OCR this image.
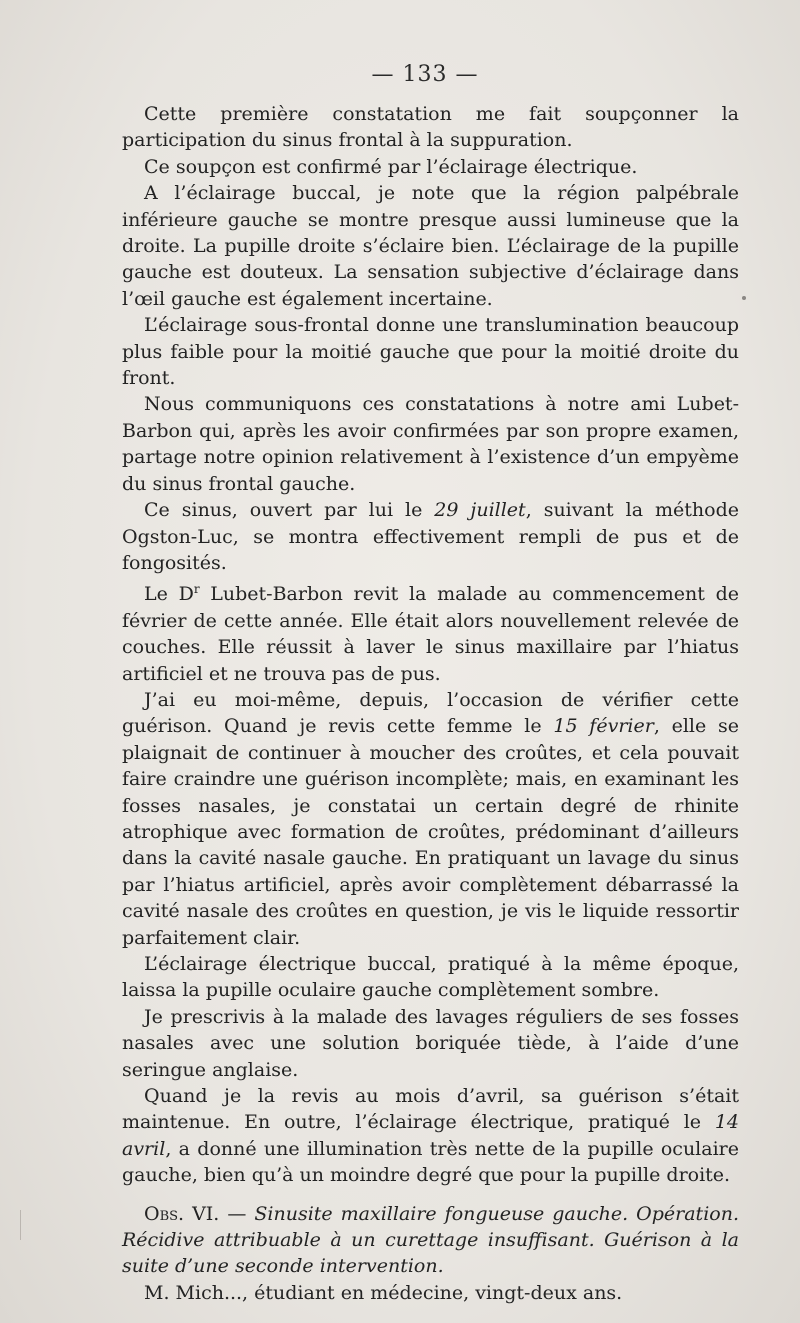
— 133 —

Cette première constatation me fait soupçonner la participation du sinus frontal à la suppuration.

Ce soupçon est confirmé par l’éclairage électrique.

A l’éclairage buccal, je note que la région palpébrale inférieure gauche se montre presque aussi lumineuse que la droite. La pupille droite s’éclaire bien. L’éclairage de la pupille gauche est douteux. La sensation subjective d’éclairage dans l’œil gauche est également incertaine.

L’éclairage sous-frontal donne une translumination beaucoup plus faible pour la moitié gauche que pour la moitié droite du front.

Nous communiquons ces constatations à notre ami Lubet-Barbon qui, après les avoir confirmées par son propre examen, partage notre opinion relativement à l’existence d’un empyème du sinus frontal gauche.

Ce sinus, ouvert par lui le 29 juillet, suivant la méthode Ogston-Luc, se montra effectivement rempli de pus et de fongosités.

Le $D^r$ Lubet-Barbon revit la malade au commencement de février de cette année. Elle était alors nouvellement relevée de couches. Elle réussit à laver le sinus maxillaire par l’hiatus artificiel et ne trouva pas de pus.

J’ai eu moi-même, depuis, l’occasion de vérifier cette guérison. Quand je revis cette femme le 15 février, elle se plaignait de continuer à moucher des croûtes, et cela pouvait faire craindre une guérison incomplète; mais, en examinant les fosses nasales, je constatai un certain degré de rhinite atrophique avec formation de croûtes, prédominant d’ailleurs dans la cavité nasale gauche. En pratiquant un lavage du sinus par l’hiatus artificiel, après avoir complètement débarrassé la cavité nasale des croûtes en question, je vis le liquide ressortir parfaitement clair.

L’éclairage électrique buccal, pratiqué à la même époque, laissa la pupille oculaire gauche complètement sombre.

Je prescrivis à la malade des lavages réguliers de ses fosses nasales avec une solution boriquée tiède, à l’aide d’une seringue anglaise.

Quand je la revis au mois d’avril, sa guérison s’était maintenue. En outre, l’éclairage électrique, pratiqué le 14 avril, a donné une illumination très nette de la pupille oculaire gauche, bien qu’à un moindre degré que pour la pupille droite.

Obs. VI. — Sinusite maxillaire fongueuse gauche. Opération. Récidive attribuable à un curettage insuffisant. Guérison à la suite d’une seconde intervention.

M. Mich..., étudiant en médecine, vingt-deux ans.
